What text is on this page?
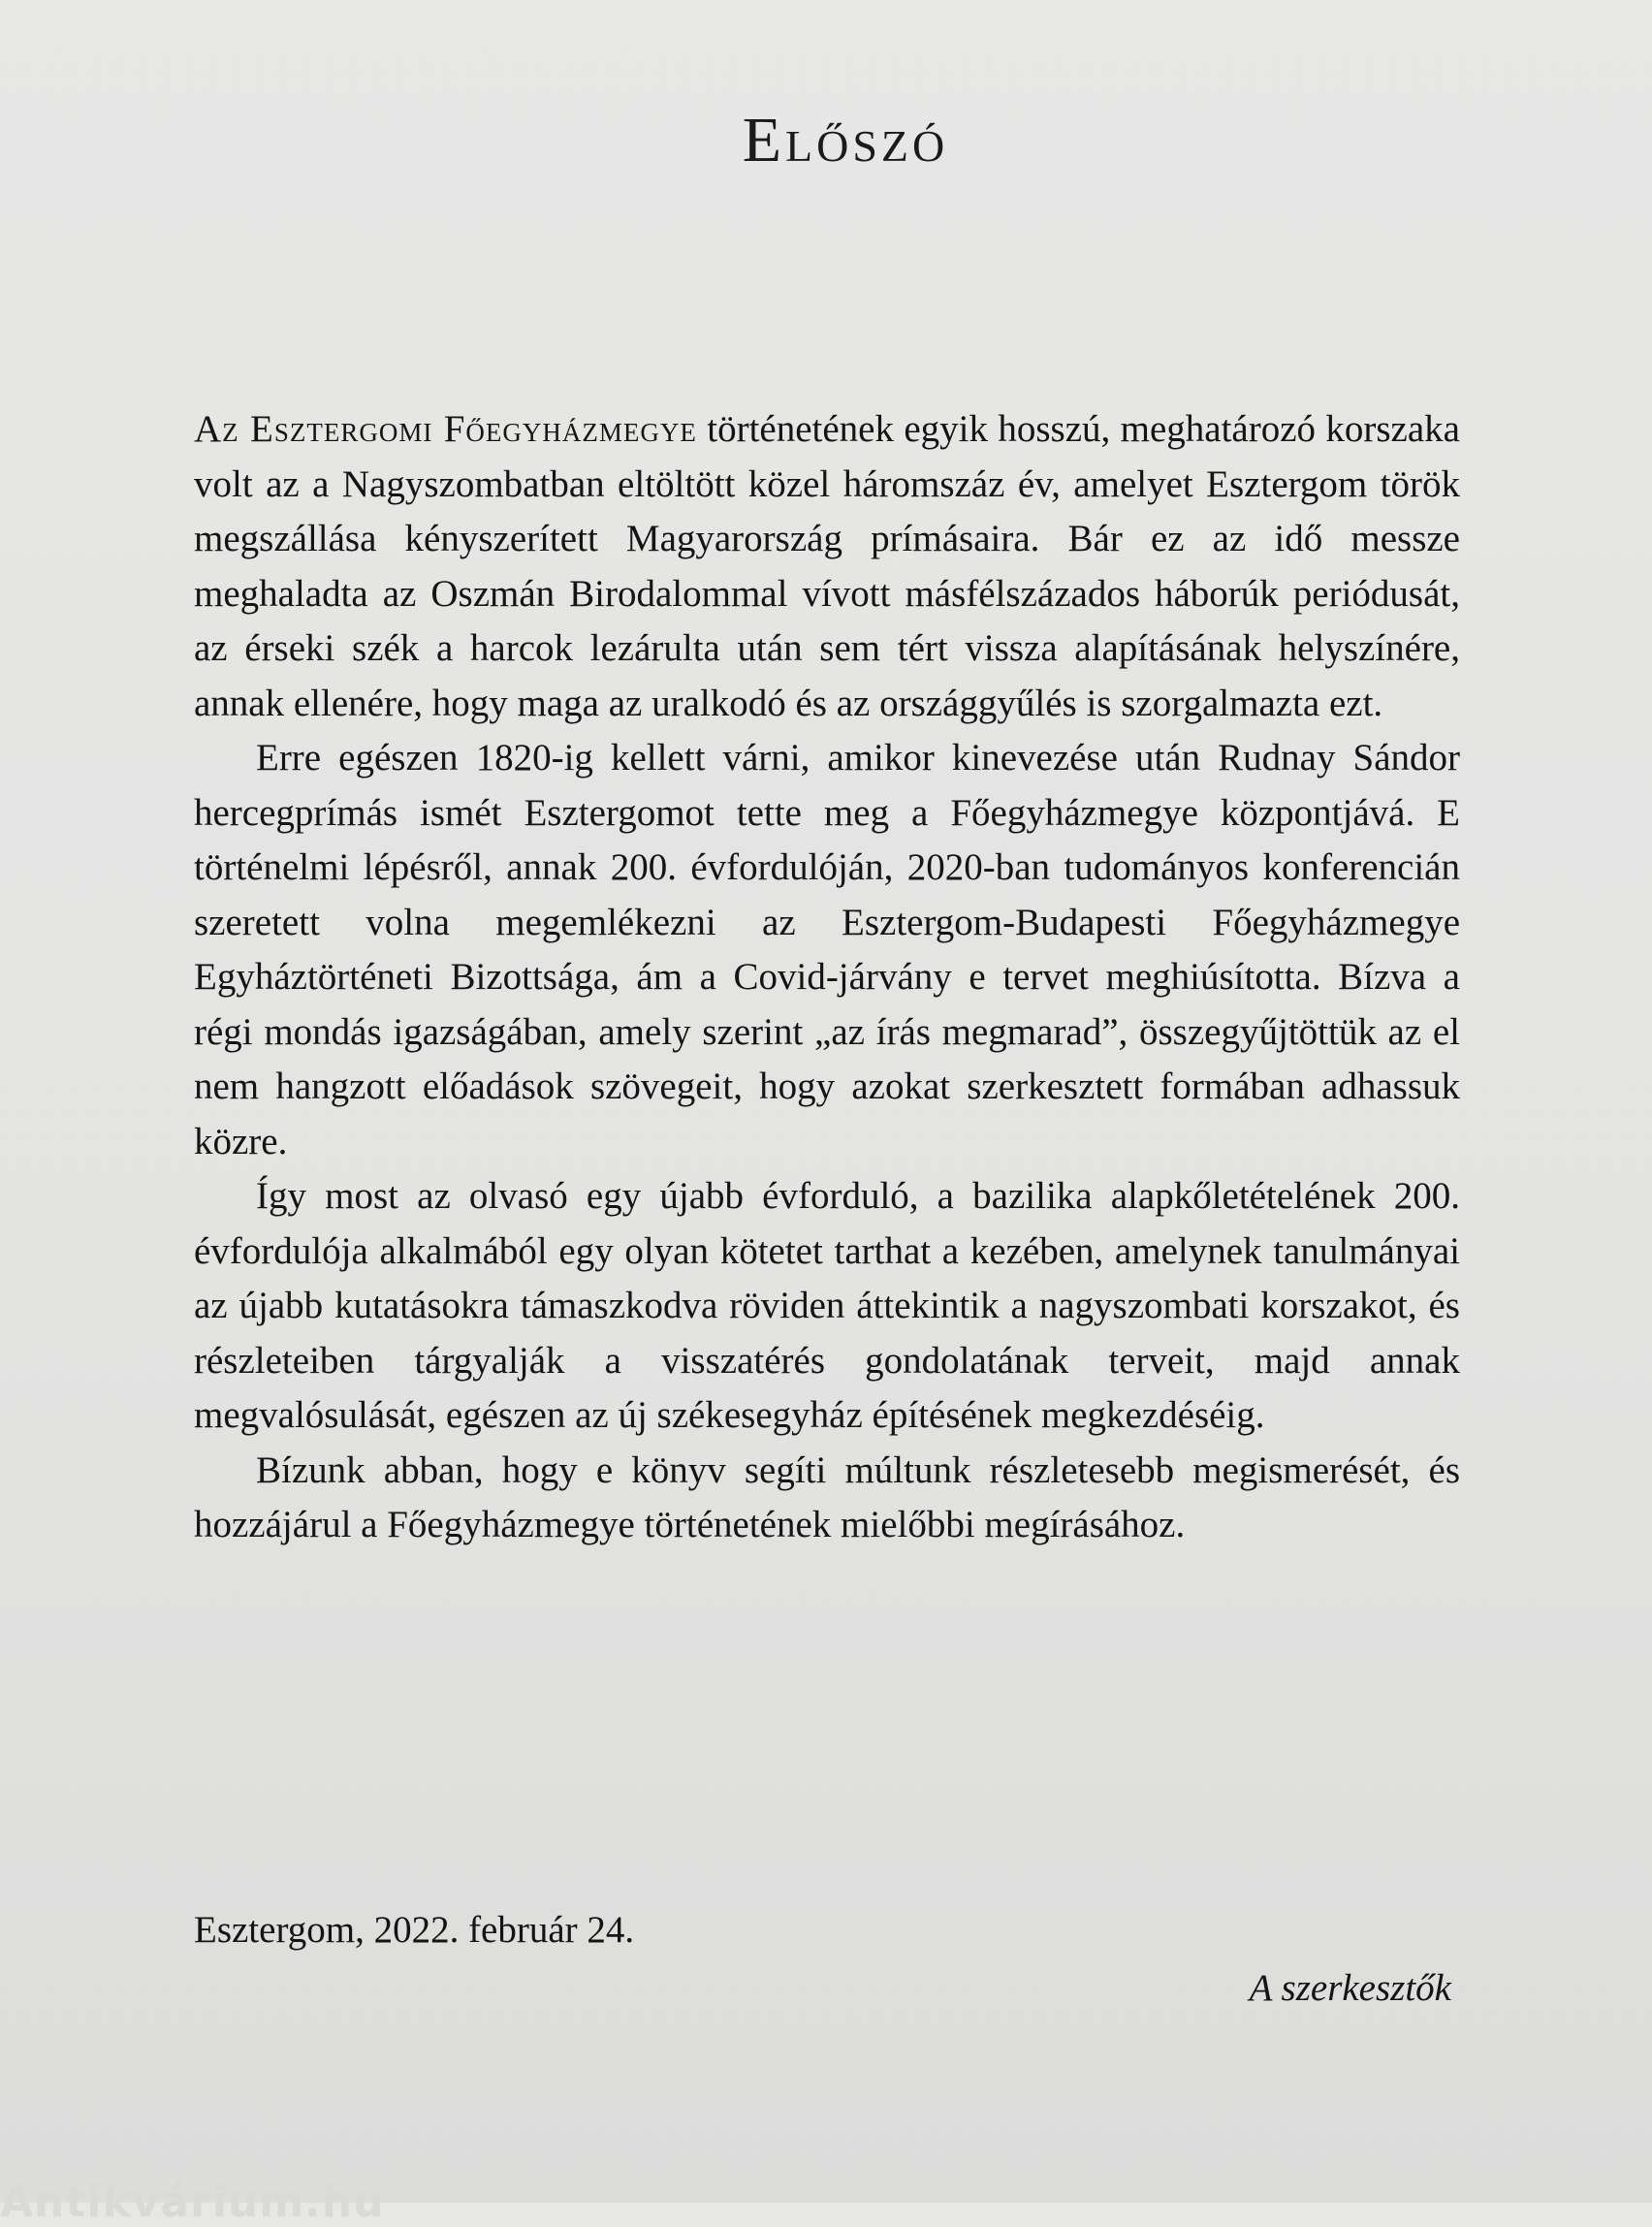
Előszó

Az Esztergomi Főegyházmegye történetének egyik hosszú, meghatározó korszaka volt az a Nagyszombatban eltöltött közel háromszáz év, amelyet Esztergom török megszállása kényszerített Magyarország prímásaira. Bár ez az idő messze meghaladta az Oszmán Birodalommal vívott másfélszázados háborúk periódusát, az érseki szék a harcok lezárulta után sem tért vissza alapításának helyszínére, annak ellenére, hogy maga az uralkodó és az országgyűlés is szorgalmazta ezt.

Erre egészen 1820-ig kellett várni, amikor kinevezése után Rudnay Sándor hercegprímás ismét Esztergomot tette meg a Főegyházmegye központjává. E történelmi lépésről, annak 200. évfordulóján, 2020-ban tudományos konferencián szeretett volna megemlékezni az Esztergom-Budapesti Főegyházmegye Egyháztörténeti Bizottsága, ám a Covid-járvány e tervet meghiúsította. Bízva a régi mondás igazságában, amely szerint „az írás megmarad”, összegyűjtöttük az el nem hangzott előadások szövegeit, hogy azokat szerkesztett formában adhassuk közre.

Így most az olvasó egy újabb évforduló, a bazilika alapkőletételének 200. évfordulója alkalmából egy olyan kötetet tarthat a kezében, amelynek tanulmányai az újabb kutatásokra támaszkodva röviden áttekintik a nagyszombati korszakot, és részleteiben tárgyalják a visszatérés gondolatának terveit, majd annak megvalósulását, egészen az új székesegyház építésének megkezdéséig.

Bízunk abban, hogy e könyv segíti múltunk részletesebb megismerését, és hozzájárul a Főegyházmegye történetének mielőbbi megírásához.

Esztergom, 2022. február 24.
A szerkesztők
Antikvárium.hu
